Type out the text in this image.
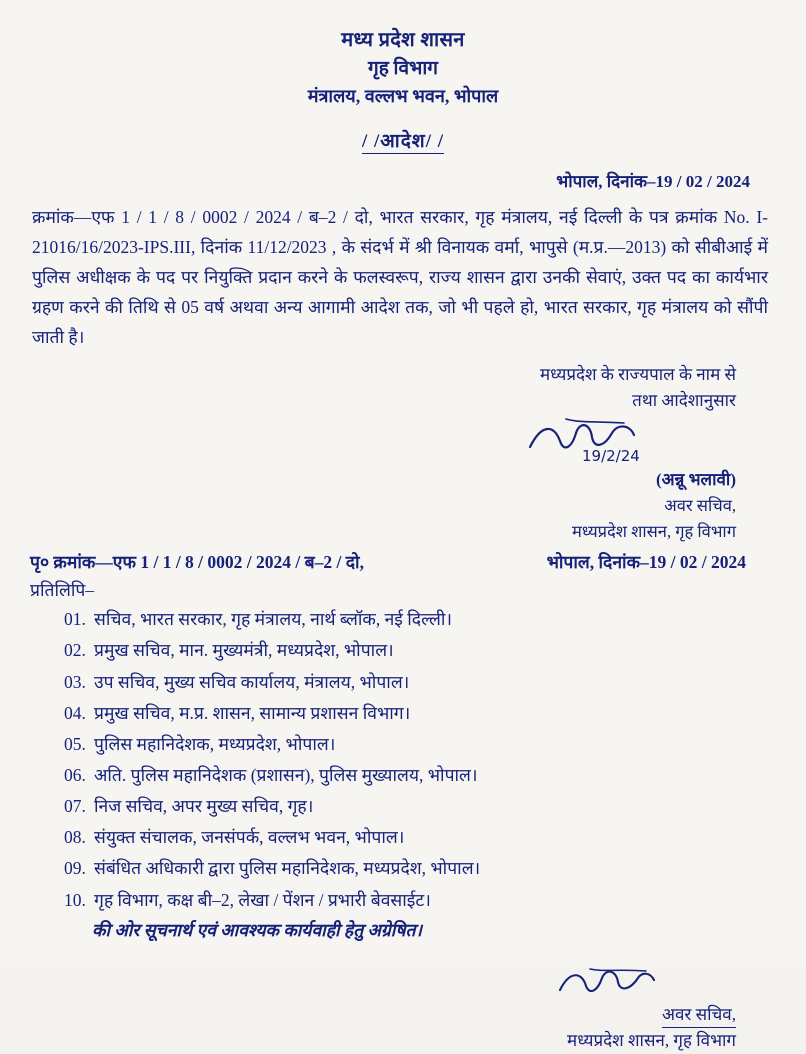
मध्य प्रदेश शासन
गृह विभाग
मंत्रालय, वल्लभ भवन, भोपाल
/ /आदेश/ /
भोपाल, दिनांक–19 / 02 / 2024
क्रमांक—एफ 1 / 1 / 8 / 0002 / 2024 / ब–2 / दो, भारत सरकार, गृह मंत्रालय, नई दिल्ली के पत्र क्रमांक No. I-21016/16/2023-IPS.III, दिनांक 11/12/2023 , के संदर्भ में श्री विनायक वर्मा, भापुसे (म.प्र.—2013) को सीबीआई में पुलिस अधीक्षक के पद पर नियुक्ति प्रदान करने के फलस्वरूप, राज्य शासन द्वारा उनकी सेवाएं, उक्त पद का कार्यभार ग्रहण करने की तिथि से 05 वर्ष अथवा अन्य आगामी आदेश तक, जो भी पहले हो, भारत सरकार, गृह मंत्रालय को सौंपी जाती है।
मध्यप्रदेश के राज्यपाल के नाम से
तथा आदेशानुसार
19/2/24
(अन्नू भलावी)
अवर सचिव,
मध्यप्रदेश शासन, गृह विभाग
भोपाल, दिनांक–19 / 02 / 2024
पृ० क्रमांक—एफ 1 / 1 / 8 / 0002 / 2024 / ब–2 / दो,
प्रतिलिपि–
01. सचिव, भारत सरकार, गृह मंत्रालय, नार्थ ब्लॉक, नई दिल्ली।
02. प्रमुख सचिव, मान. मुख्यमंत्री, मध्यप्रदेश, भोपाल।
03. उप सचिव, मुख्य सचिव कार्यालय, मंत्रालय, भोपाल।
04. प्रमुख सचिव, म.प्र. शासन, सामान्य प्रशासन विभाग।
05. पुलिस महानिदेशक, मध्यप्रदेश, भोपाल।
06. अति. पुलिस महानिदेशक (प्रशासन), पुलिस मुख्यालय, भोपाल।
07. निज सचिव, अपर मुख्य सचिव, गृह।
08. संयुक्त संचालक, जनसंपर्क, वल्लभ भवन, भोपाल।
09. संबंधित अधिकारी द्वारा पुलिस महानिदेशक, मध्यप्रदेश, भोपाल।
10. गृह विभाग, कक्ष बी–2, लेखा / पेंशन / प्रभारी बेवसाईट।
की ओर सूचनार्थ एवं आवश्यक कार्यवाही हेतु अग्रेषित।
अवर सचिव,
मध्यप्रदेश शासन, गृह विभाग
